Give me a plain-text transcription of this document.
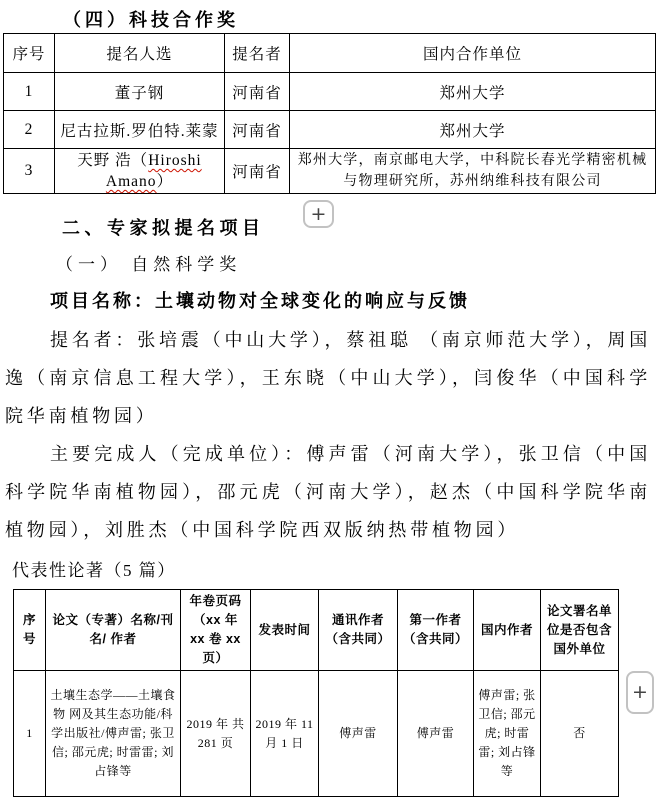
（四）科技合作奖
序号	提名人选	提名者	国内合作单位
1	董子钢	河南省	郑州大学
2	尼古拉斯.罗伯特.莱蒙	河南省	郑州大学
3	天野 浩（Hiroshi Amano）	河南省	郑州大学，南京邮电大学，中科院长春光学精密机械与物理研究所，苏州纳维科技有限公司
二、专家拟提名项目
（一） 自然科学奖
项目名称：土壤动物对全球变化的响应与反馈
提名者：张培震（中山大学），蔡祖聪 （南京师范大学），周国逸（南京信息工程大学），王东晓（中山大学），闫俊华（中国科学院华南植物园）
主要完成人（完成单位）：傅声雷（河南大学），张卫信（中国科学院华南植物园），邵元虎（河南大学），赵杰（中国科学院华南植物园），刘胜杰（中国科学院西双版纳热带植物园）
代表性论著（5 篇）
序号	论文（专著）名称/刊名/ 作者	年卷页码 （xx 年 xx 卷 xx 页）	发表时间	通讯作者 （含共同）	第一作者 （含共同）	国内作者	论文署名单位是否包含国外单位
1	土壤生态学——土壤食物 网及其生态功能/科学出版社/傅声雷; 张卫信; 邵元虎; 时雷雷; 刘占锋等	2019 年 共 281 页	2019 年 11 月 1 日	傅声雷	傅声雷	傅声雷; 张卫信; 邵元虎; 时雷雷; 刘占锋等	否
+
+
